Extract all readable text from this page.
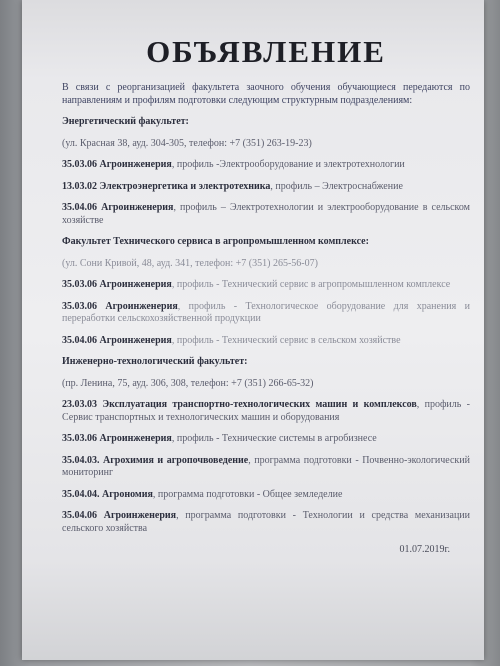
ОБЪЯВЛЕНИЕ

В связи с реорганизацией факультета заочного обучения обучающиеся передаются по направлениям и профилям подготовки следующим структурным подразделениям:

Энергетический факультет:

(ул. Красная 38, ауд. 304-305, телефон: +7 (351) 263-19-23)

35.03.06 Агроинженерия, профиль -Электрооборудование и электротехнологии

13.03.02 Электроэнергетика и электротехника, профиль – Электроснабжение

35.04.06 Агроинженерия, профиль – Электротехнологии и электрооборудование в сельском хозяйстве

Факультет Технического сервиса в агропромышленном комплексе:

(ул. Сони Кривой, 48, ауд. 341, телефон: +7 (351) 265-56-07)

35.03.06 Агроинженерия, профиль - Технический сервис в агропромышленном комплексе

35.03.06 Агроинженерия, профиль - Технологическое оборудование для хранения и переработки сельскохозяйственной продукции

35.04.06 Агроинженерия, профиль - Технический сервис в сельском хозяйстве

Инженерно-технологический факультет:

(пр. Ленина, 75, ауд. 306, 308, телефон: +7 (351) 266-65-32)

23.03.03 Эксплуатация транспортно-технологических машин и комплексов, профиль - Сервис транспортных и технологических машин и оборудования

35.03.06 Агроинженерия, профиль - Технические системы в агробизнесе

35.04.03. Агрохимия и агропочвоведение, программа подготовки - Почвенно-экологический мониторинг

35.04.04. Агрономия, программа подготовки - Общее земледелие

35.04.06 Агроинженерия, программа подготовки - Технологии и средства механизации сельского хозяйства

01.07.2019г.
